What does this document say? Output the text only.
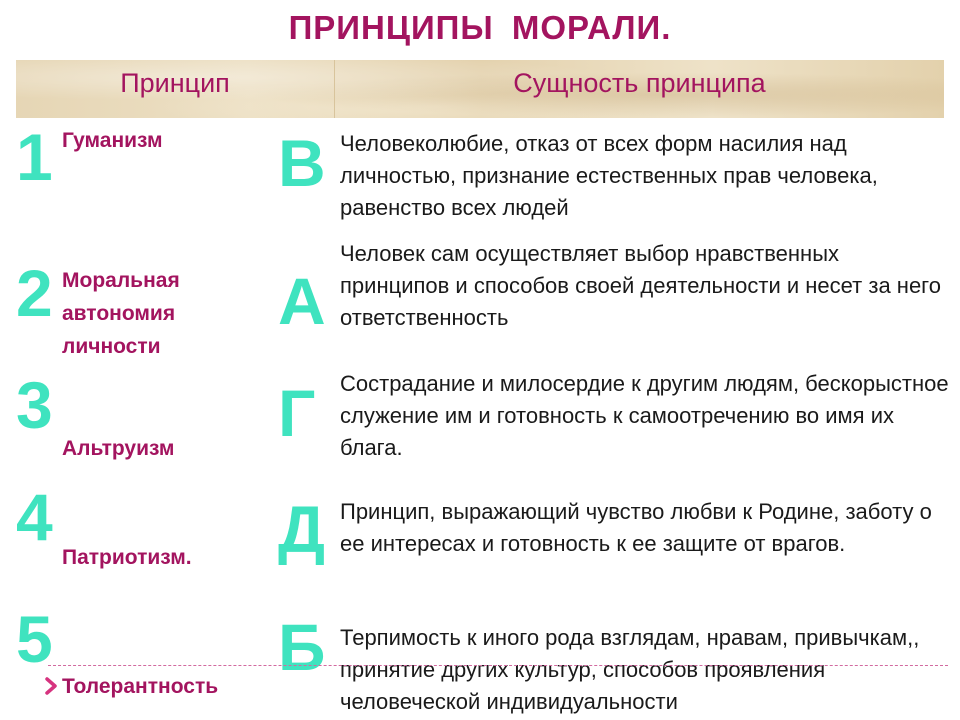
ПРИНЦИПЫ МОРАЛИ.
Принцип	Сущность принципа
1
2
3
4
5
Гуманизм
Моральная автономия личности
Альтруизм
Патриотизм.
Толерантность
В
А
Г
Д
Б
Человеколюбие, отказ от всех форм насилия над личностью, признание естественных прав человека, равенство всех людей
Человек сам осуществляет выбор нравственных принципов и способов своей деятельности и несет за него ответственность
Сострадание и милосердие к другим людям, бескорыстное служение им и готовность к самоотречению во имя их блага.
Принцип, выражающий чувство любви к Родине, заботу о ее интересах и готовность к ее защите от врагов.
Терпимость к иного рода взглядам, нравам, привычкам,, принятие других культур, способов проявления человеческой индивидуальности
